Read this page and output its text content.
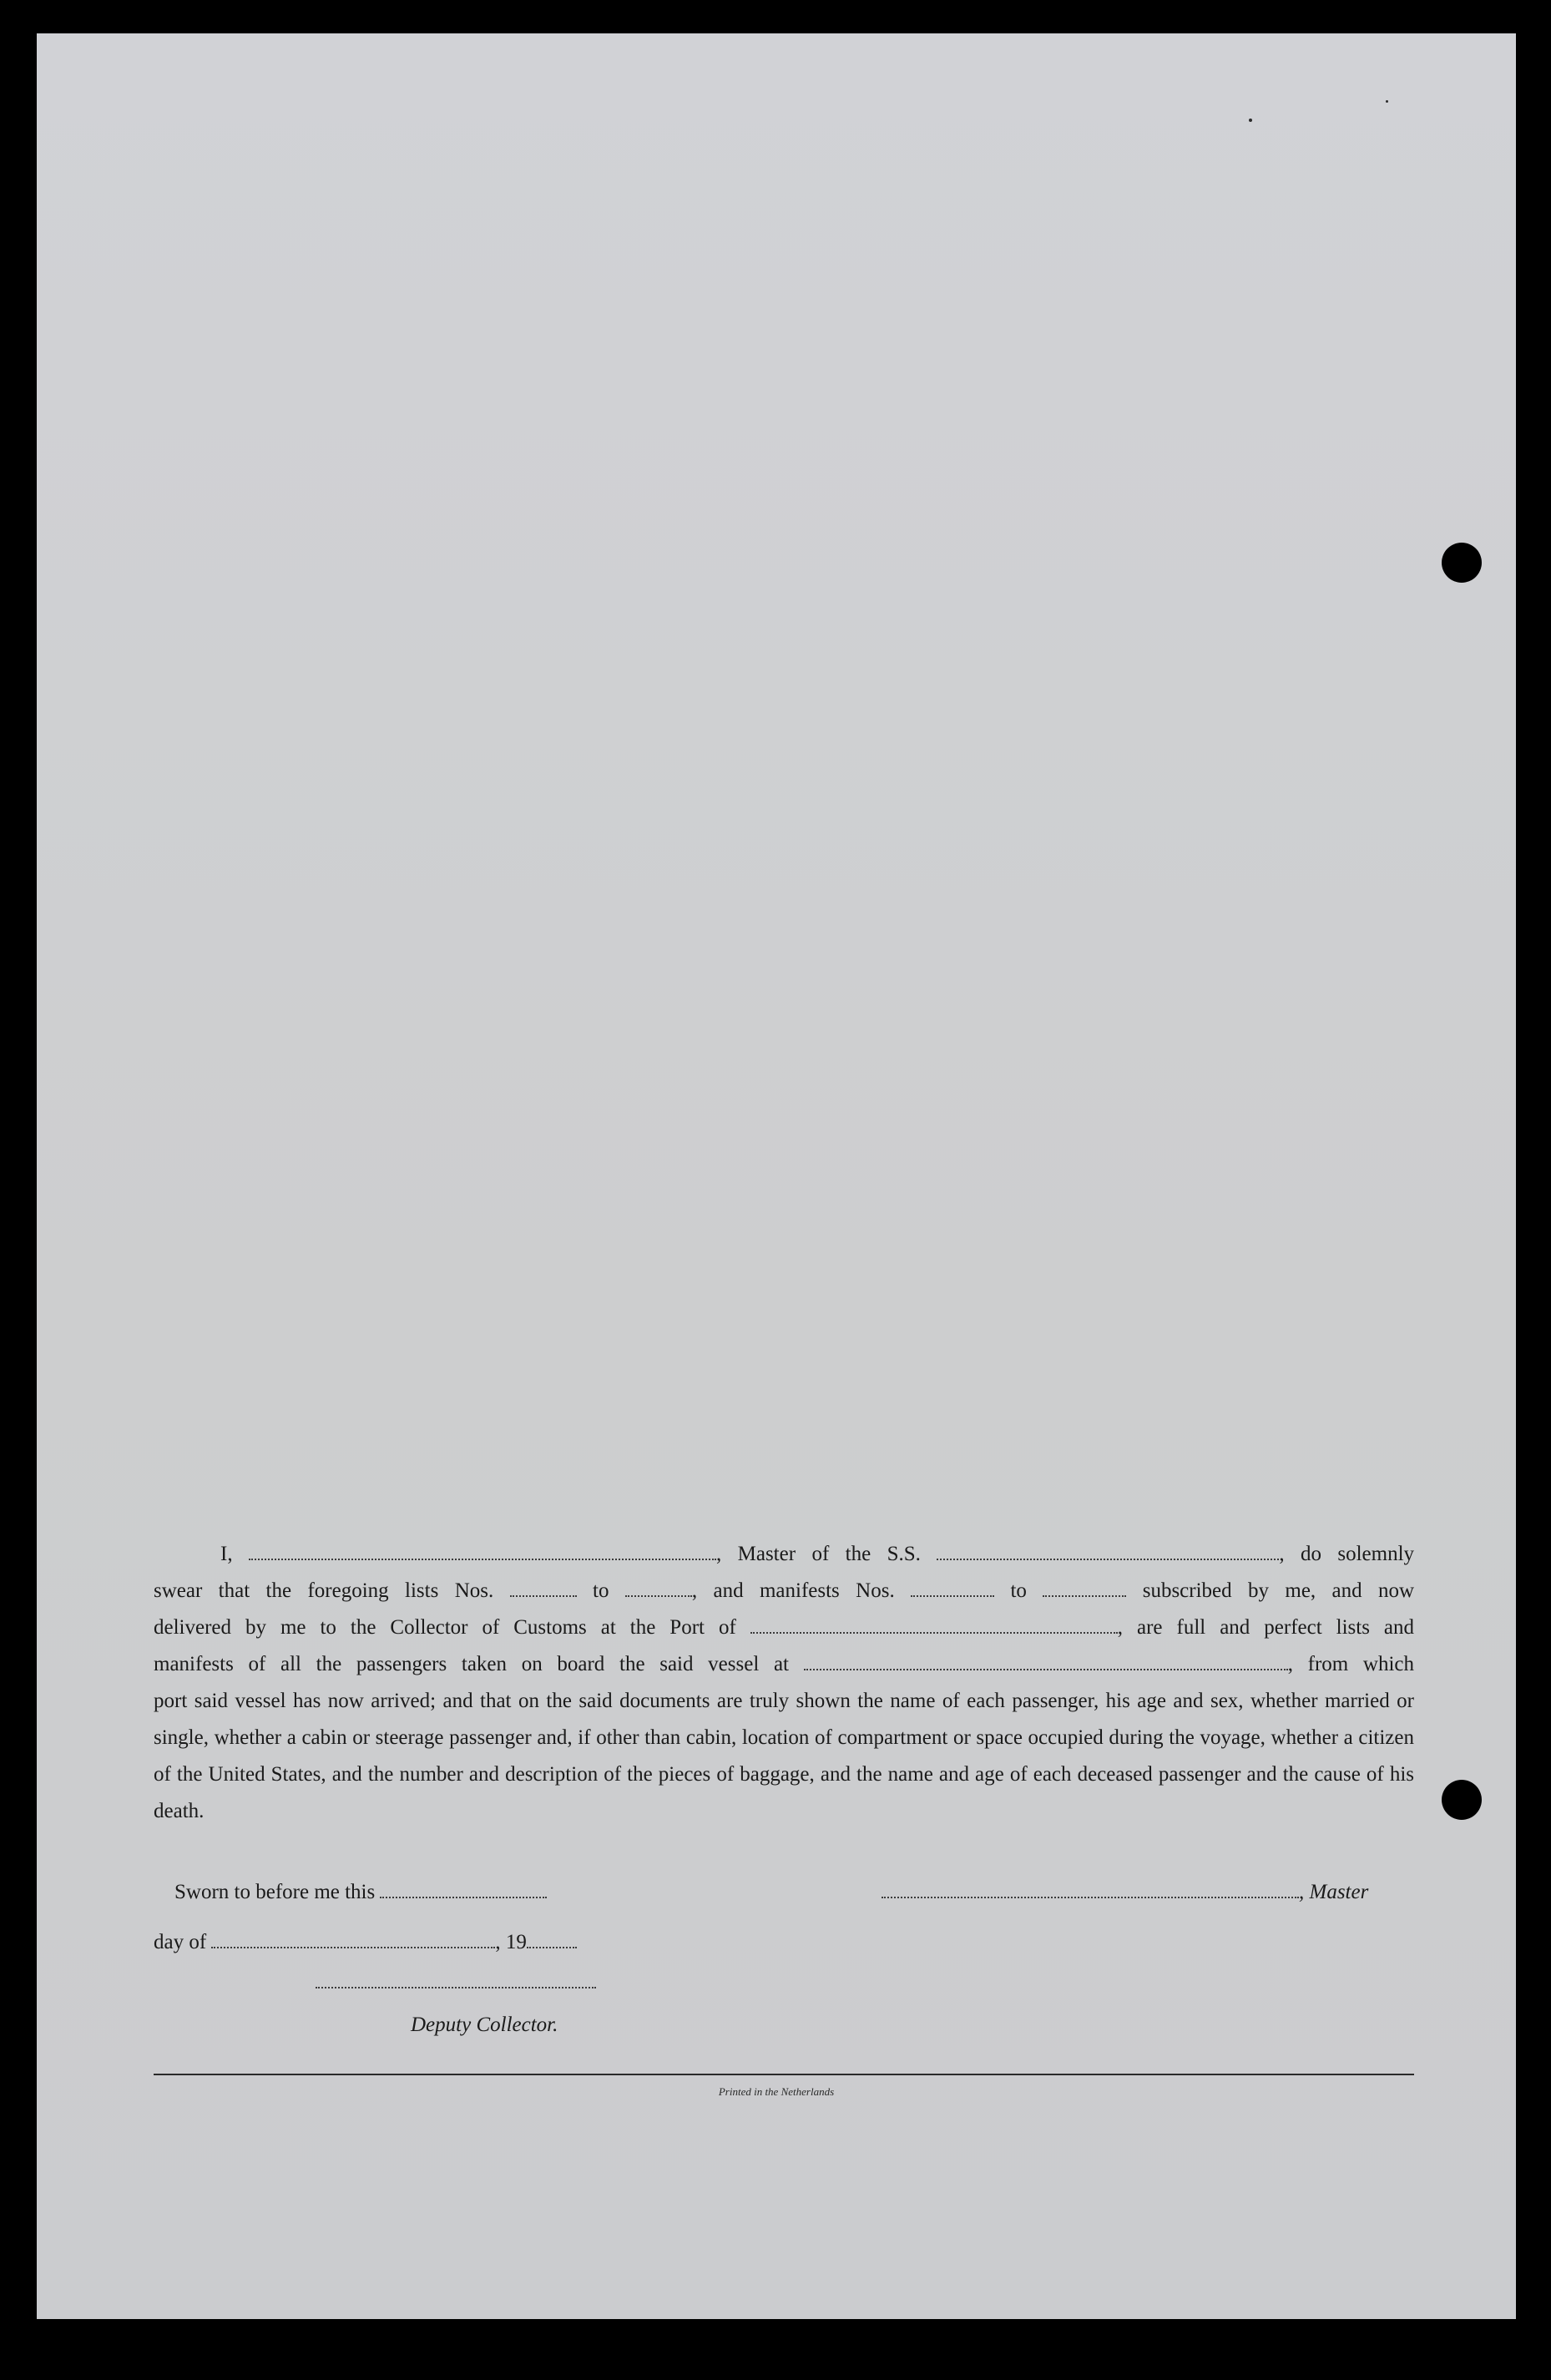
I,	, Master of the S.S.	, do solemnly

swear that the foregoing lists Nos.	to	, and manifests Nos.	to	subscribed by me, and now

delivered by me to the Collector of Customs at the Port of	, are full and perfect lists and

manifests of all the passengers taken on board the said vessel at	, from which

port said vessel has now arrived; and that on the said documents are truly shown the name of each passenger, his age and sex, whether married or single, whether a cabin or steerage passenger and, if other than cabin, location of compartment or space occupied during the voyage, whether a citizen of the United States, and the number and description of the pieces of baggage, and the name and age of each deceased passenger and the cause of his death.

Sworn to before me this	, Master
day of	, 19
Deputy Collector.
Printed in the Netherlands
